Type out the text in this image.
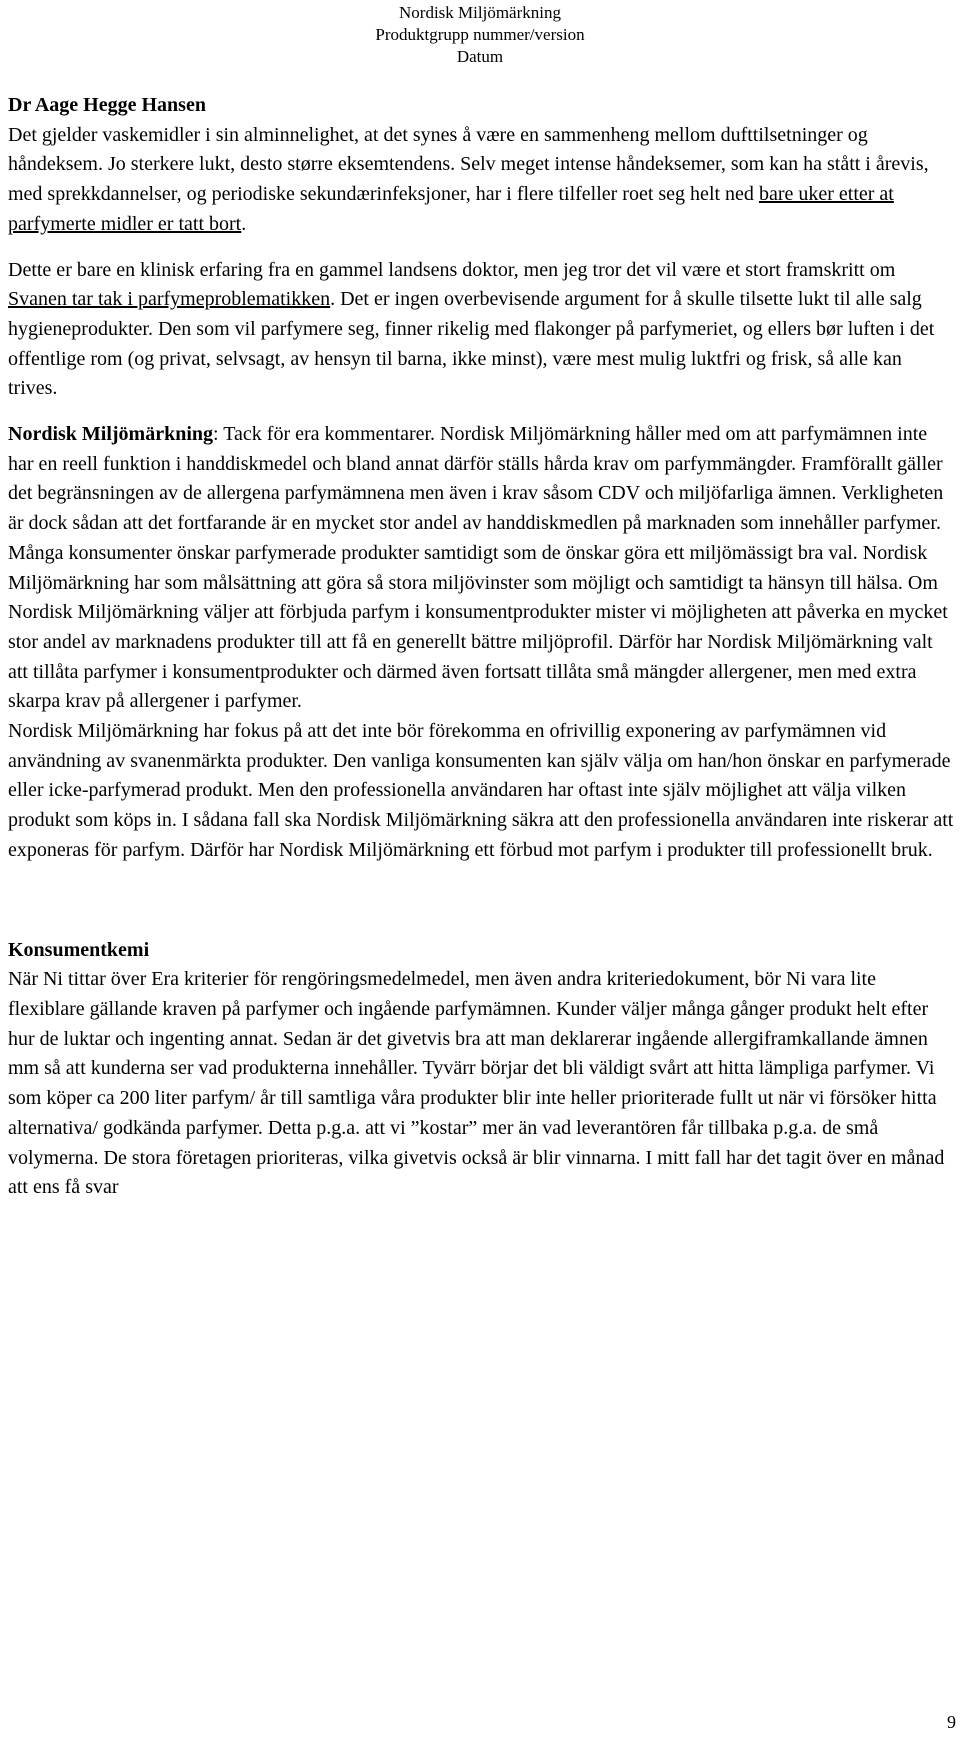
Nordisk Miljömärkning
Produktgrupp nummer/version
Datum

Dr Aage Hegge Hansen

Det gjelder vaskemidler i sin alminnelighet, at det synes å være en sammenheng mellom dufttilsetninger og håndeksem. Jo sterkere lukt, desto større eksemtendens. Selv meget intense håndeksemer, som kan ha stått i årevis, med sprekkdannelser, og periodiske sekundærinfeksjoner, har i flere tilfeller roet seg helt ned bare uker etter at parfymerte midler er tatt bort.

Dette er bare en klinisk erfaring fra en gammel landsens doktor, men jeg tror det vil være et stort framskritt om Svanen tar tak i parfymeproblematikken. Det er ingen overbevisende argument for å skulle tilsette lukt til alle salg hygieneprodukter. Den som vil parfymere seg, finner rikelig med flakonger på parfymeriet, og ellers bør luften i det offentlige rom (og privat, selvsagt, av hensyn til barna, ikke minst), være mest mulig luktfri og frisk, så alle kan trives.

Nordisk Miljömärkning: Tack för era kommentarer. Nordisk Miljömärkning håller med om att parfymämnen inte har en reell funktion i handdiskmedel och bland annat därför ställs hårda krav om parfymmängder. Framförallt gäller det begränsningen av de allergena parfymämnena men även i krav såsom CDV och miljöfarliga ämnen. Verkligheten är dock sådan att det fortfarande är en mycket stor andel av handdiskmedlen på marknaden som innehåller parfymer. Många konsumenter önskar parfymerade produkter samtidigt som de önskar göra ett miljömässigt bra val. Nordisk Miljömärkning har som målsättning att göra så stora miljövinster som möjligt och samtidigt ta hänsyn till hälsa. Om Nordisk Miljömärkning väljer att förbjuda parfym i konsumentprodukter mister vi möjligheten att påverka en mycket stor andel av marknadens produkter till att få en generellt bättre miljöprofil. Därför har Nordisk Miljömärkning valt att tillåta parfymer i konsumentprodukter och därmed även fortsatt tillåta små mängder allergener, men med extra skarpa krav på allergener i parfymer.

Nordisk Miljömärkning har fokus på att det inte bör förekomma en ofrivillig exponering av parfymämnen vid användning av svanenmärkta produkter. Den vanliga konsumenten kan själv välja om han/hon önskar en parfymerade eller icke-parfymerad produkt. Men den professionella användaren har oftast inte själv möjlighet att välja vilken produkt som köps in. I sådana fall ska Nordisk Miljömärkning säkra att den professionella användaren inte riskerar att exponeras för parfym. Därför har Nordisk Miljömärkning ett förbud mot parfym i produkter till professionellt bruk.

Konsumentkemi

När Ni tittar över Era kriterier för rengöringsmedelmedel, men även andra kriteriedokument, bör Ni vara lite flexiblare gällande kraven på parfymer och ingående parfymämnen. Kunder väljer många gånger produkt helt efter hur de luktar och ingenting annat. Sedan är det givetvis bra att man deklarerar ingående allergiframkallande ämnen mm så att kunderna ser vad produkterna innehåller. Tyvärr börjar det bli väldigt svårt att hitta lämpliga parfymer. Vi som köper ca 200 liter parfym/ år till samtliga våra produkter blir inte heller prioriterade fullt ut när vi försöker hitta alternativa/ godkända parfymer. Detta p.g.a. att vi ”kostar” mer än vad leverantören får tillbaka p.g.a. de små volymerna. De stora företagen prioriteras, vilka givetvis också är blir vinnarna. I mitt fall har det tagit över en månad att ens få svar

9
